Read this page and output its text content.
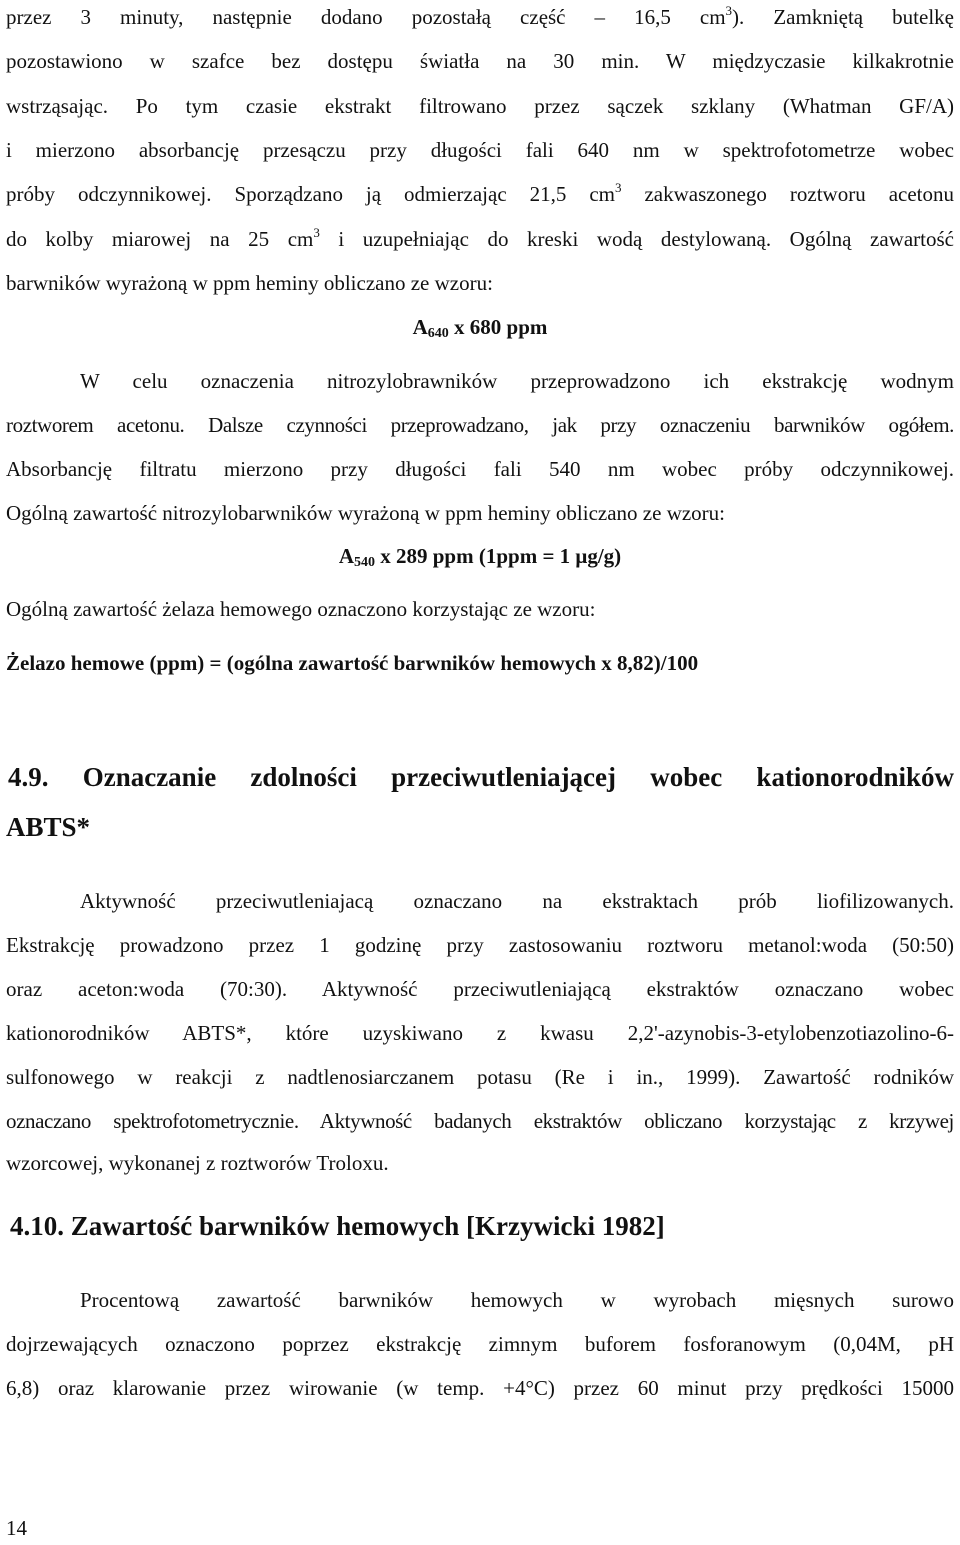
przez 3 minuty, następnie dodano pozostałą część – 16,5 $cm^3$). Zamkniętą butelkę
pozostawiono w szafce bez dostępu światła na 30 min. W międzyczasie kilkakrotnie
wstrząsając. Po tym czasie ekstrakt filtrowano przez sączek szklany (Whatman GF/A)
i mierzono absorbancję przesączu przy długości fali 640 nm w spektrofotometrze wobec
próby odczynnikowej. Sporządzano ją odmierzając 21,5 $cm^3$ zakwaszonego roztworu acetonu
do kolby miarowej na 25 $cm^3$ i uzupełniając do kreski wodą destylowaną. Ogólną zawartość
barwników wyrażoną w ppm heminy obliczano ze wzoru:
$A_{640}$ x 680 ppm
W celu oznaczenia nitrozylobrawników przeprowadzono ich ekstrakcję wodnym
roztworem acetonu. Dalsze czynności przeprowadzano, jak przy oznaczeniu barwników ogółem.
Absorbancję filtratu mierzono przy długości fali 540 nm wobec próby odczynnikowej.
Ogólną zawartość nitrozylobarwników wyrażoną w ppm heminy obliczano ze wzoru:
$A_{540}$ x 289 ppm (1ppm = 1 μg/g)
Ogólną zawartość żelaza hemowego oznaczono korzystając ze wzoru:
Żelazo hemowe (ppm) = (ogólna zawartość barwników hemowych x 8,82)/100
4.9. Oznaczanie zdolności przeciwutleniającej wobec kationorodników
ABTS*
Aktywność przeciwutleniajacą oznaczano na ekstraktach prób liofilizowanych.
Ekstrakcję prowadzono przez 1 godzinę przy zastosowaniu roztworu metanol:woda (50:50)
oraz aceton:woda (70:30). Aktywność przeciwutleniającą ekstraktów oznaczano wobec
kationorodników ABTS*, które uzyskiwano z kwasu 2,2'-azynobis-3-etylobenzotiazolino-6-
sulfonowego w reakcji z nadtlenosiarczanem potasu (Re i in., 1999). Zawartość rodników
oznaczano spektrofotometrycznie. Aktywność badanych ekstraktów obliczano korzystając z krzywej
wzorcowej, wykonanej z roztworów Troloxu.
4.10. Zawartość barwników hemowych [Krzywicki 1982]
Procentową zawartość barwników hemowych w wyrobach mięsnych surowo
dojrzewających oznaczono poprzez ekstrakcję zimnym buforem fosforanowym (0,04M, pH
6,8) oraz klarowanie przez wirowanie (w temp. +4°C) przez 60 minut przy prędkości 15000
14
